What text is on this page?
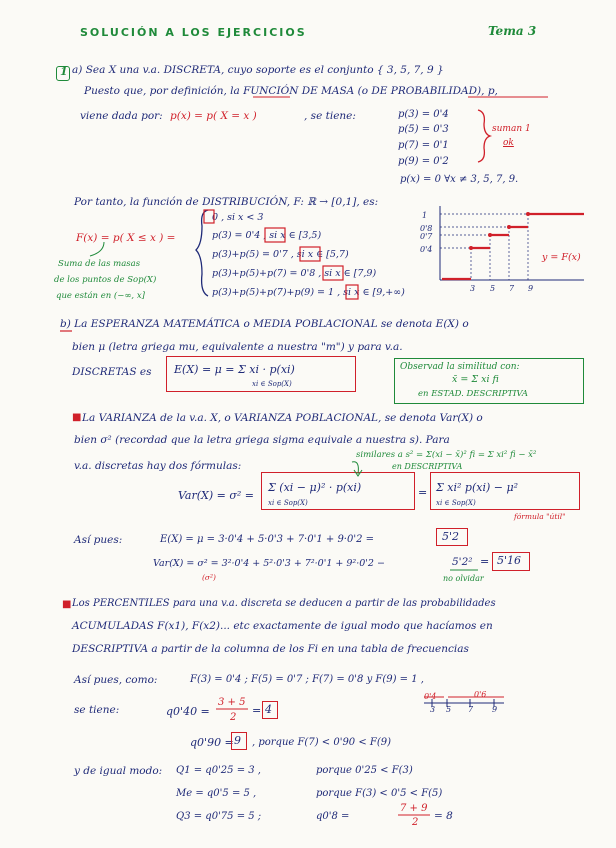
SOLUCIÓN A LOS EJERCICIOS	Tema 3
1 a) Sea X una v.a. DISCRETA, cuyo soporte es el conjunto { 3, 5, 7, 9 }
Puesto que, por definición, la FUNCIÓN DE MASA (o DE PROBABILIDAD), p,
viene dada por: p(x) = p( X = x )	, se tiene:	p(3) = 0'4
p(5) = 0'3
p(7) = 0'1
p(9) = 0'2
p(x) = 0 ∀x ≠ 3, 5, 7, 9.
suman 1
ok
Por tanto, la función de DISTRIBUCIÓN, F: ℝ → [0,1], es:
F(x) = p( X ≤ x ) =
0 , si x < 3
p(3) = 0'4 , si x ∈ [3,5)
p(3)+p(5) = 0'7 , si x ∈ [5,7)
p(3)+p(5)+p(7) = 0'8 , si x ∈ [7,9)
p(3)+p(5)+p(7)+p(9) = 1 , si x ∈ [9,+∞)
Suma de las masas
de los puntos de Sop(X)
que están en (−∞, x]
y = F(x)
1
0'8
0'7
0'4
3 5 7 9
b) La ESPERANZA MATEMÁTICA o MEDIA POBLACIONAL se denota E(X) o
bien μ (letra griega mu, equivalente a nuestra "m") y para v.a.
DISCRETAS es E(X) = μ = Σ xi · p(xi)
xi ∈ Sop(X)
Observad la similitud con:
x̄ = Σ xi fi
en ESTAD. DESCRIPTIVA
■ La VARIANZA de la v.a. X, o VARIANZA POBLACIONAL, se denota Var(X) o
bien σ² (recordad que la letra griega sigma equivale a nuestra s). Para
v.a. discretas hay dos fórmulas:
similares a s² = Σ(xi − x̄)² fi = Σ xi² fi − x̄²
en DESCRIPTIVA
Var(X) = σ² =
Σ (xi − μ)² · p(xi)
xi ∈ Sop(X)
= Σ xi² p(xi) − μ²
xi ∈ Sop(X)
fórmula "útil"
Así pues:	E(X) = μ = 3·0'4 + 5·0'3 + 7·0'1 + 9·0'2 =	5'2
Var(X) = σ² = 3²·0'4 + 5²·0'3 + 7²·0'1 + 9²·0'2 −	5'2² = 5'16
(σ²)	no olvidar
■ Los PERCENTILES para una v.a. discreta se deducen a partir de las probabilidades
ACUMULADAS F(x1), F(x2)... etc exactamente de igual modo que hacíamos en
DESCRIPTIVA a partir de la columna de los Fi en una tabla de frecuencias
Así pues, como:	F(3) = 0'4 ; F(5) = 0'7 ; F(7) = 0'8 y F(9) = 1 ,
se tiene:	q0'40 =
3 + 5
2
= 4
0'4	0'6
3 5 7 9
q0'90 = 9 , porque F(7) < 0'90 < F(9)
y de igual modo: Q1 = q0'25 = 3 ,	porque 0'25 < F(3)
Me = q0'5 = 5 ,	porque F(3) < 0'5 < F(5)
Q3 = q0'75 = 5 ;	q0'8 =
7 + 9
2
= 8
